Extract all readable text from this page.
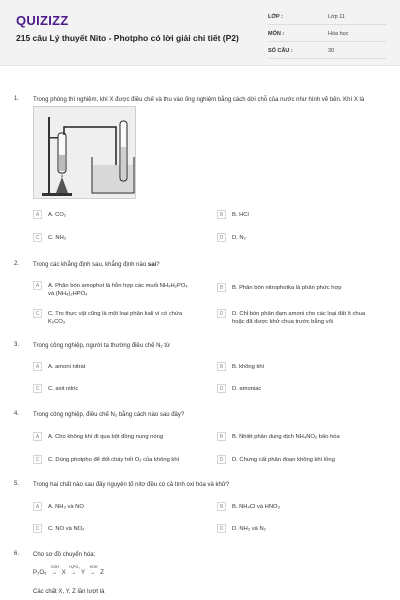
QUIZIZZ
215 câu Lý thuyết Nito - Photpho có lời giải chi tiết (P2)
LỚP :	Lớp 11
MÔN :	Hóa học
SỐ CÂU :	30
1. Trong phòng thí nghiệm, khí X được điều chế và thu vào ống nghiệm bằng cách dời chỗ của nước như hình vẽ bên. Khí X là
A	A. CO₂	B	B. HCl
C	C. NH₃	D	D. N₂
2. Trong các khẳng định sau, khẳng định nào sai?
A	A. Phân bón amophot là hỗn hợp các muối NH₄H₂PO₄ và (NH₄)₂HPO₄
B	B. Phân bón nitrophotka là phân phức hợp
C	C. Tro thực vật cũng là một loại phân kali vì có chứa K₂CO₃
D	D. Chỉ bón phân đạm amoni cho các loại đất ít chua hoặc đã được khử chua trước bằng vôi
3. Trong công nghiệp, người ta thường điều chế N₂ từ
A	A. amoni nitrat	B	B. không khí
C	C. axit nitric	D	D. amoniac
4. Trong công nghiệp, điều chế N₂ bằng cách nào sau đây?
A	A. Cho không khí đi qua bột đồng nung nóng	B	B. Nhiệt phân dung dịch NH₄NO₂ bão hòa
C	C. Dùng photpho để đốt cháy hết O₂ của không khí	D	D. Chưng cất phân đoạn không khí lỏng
5. Trong hai chất nào sau đây nguyên tố nitơ đều có cả tính oxi hóa và khử?
A	A. NH₃ và NO	B	B. NH₄Cl và HNO₃
C	C. NO và NO₂	D	D. NH₃ và N₂
6. Cho sơ đồ chuyển hóa:
P₂O₅
KOH
→ X
H₃PO₄
→ Y
KOH
→ Z
Các chất X, Y, Z lần lượt là
